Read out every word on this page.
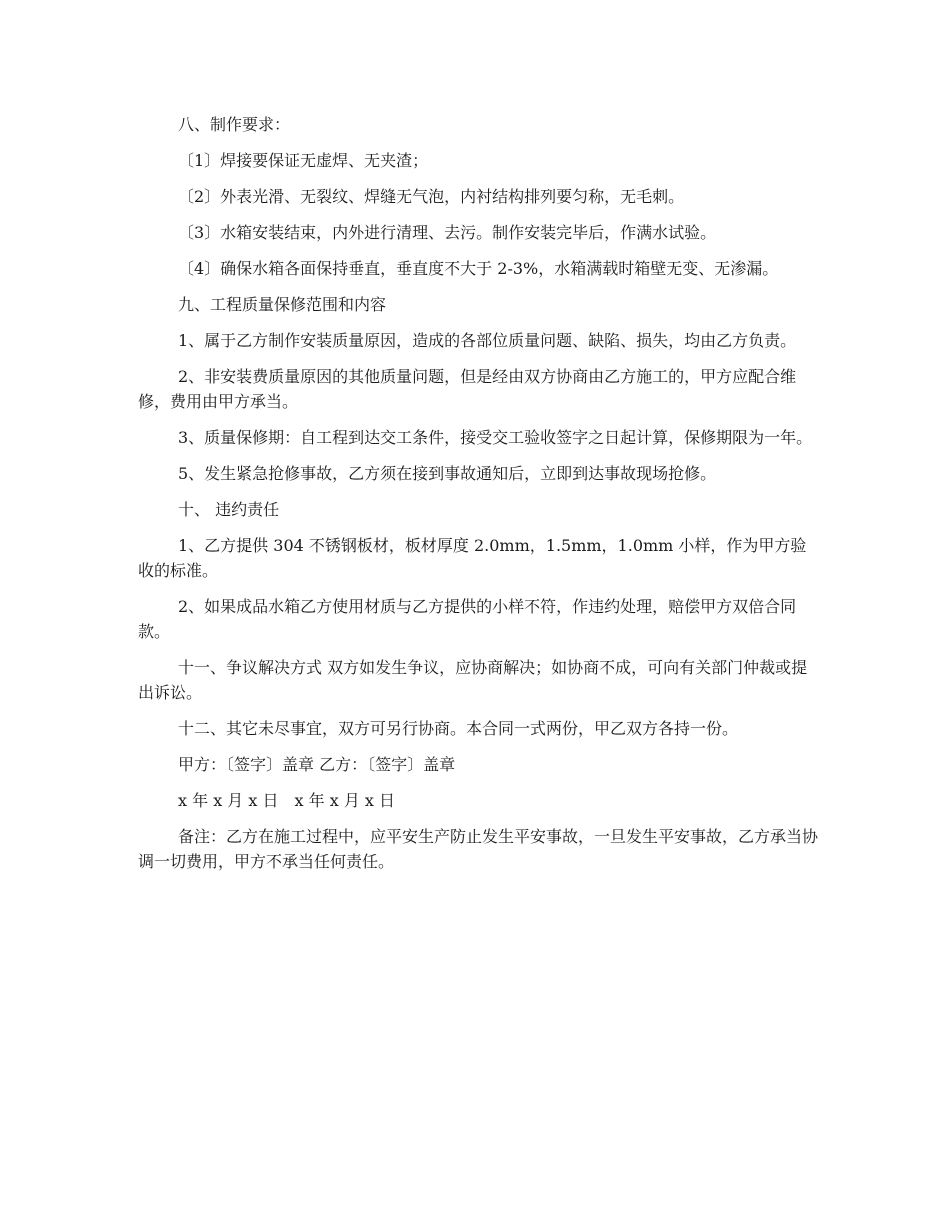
八、制作要求：

〔1〕焊接要保证无虚焊、无夹渣；

〔2〕外表光滑、无裂纹、焊缝无气泡，内衬结构排列要匀称，无毛刺。

〔3〕水箱安装结束，内外进行清理、去污。制作安装完毕后，作满水试验。

〔4〕确保水箱各面保持垂直，垂直度不大于 2-3%，水箱满载时箱壁无变、无渗漏。

九、工程质量保修范围和内容

1、属于乙方制作安装质量原因，造成的各部位质量问题、缺陷、损失，均由乙方负责。

2、非安装费质量原因的其他质量问题，但是经由双方协商由乙方施工的，甲方应配合维修，费用由甲方承当。

3、质量保修期：自工程到达交工条件，接受交工验收签字之日起计算，保修期限为一年。

5、发生紧急抢修事故，乙方须在接到事故通知后，立即到达事故现场抢修。

十、 违约责任

1、乙方提供 304 不锈钢板材，板材厚度 2.0mm，1.5mm，1.0mm 小样，作为甲方验收的标准。

2、如果成品水箱乙方使用材质与乙方提供的小样不符，作违约处理，赔偿甲方双倍合同款。

十一、争议解决方式 双方如发生争议，应协商解决；如协商不成，可向有关部门仲裁或提出诉讼。

十二、其它未尽事宜，双方可另行协商。本合同一式两份，甲乙双方各持一份。

甲方：〔签字〕盖章 乙方：〔签字〕盖章

x 年 x 月 x 日 x 年 x 月 x 日

备注：乙方在施工过程中，应平安生产防止发生平安事故，一旦发生平安事故，乙方承当协调一切费用，甲方不承当任何责任。
